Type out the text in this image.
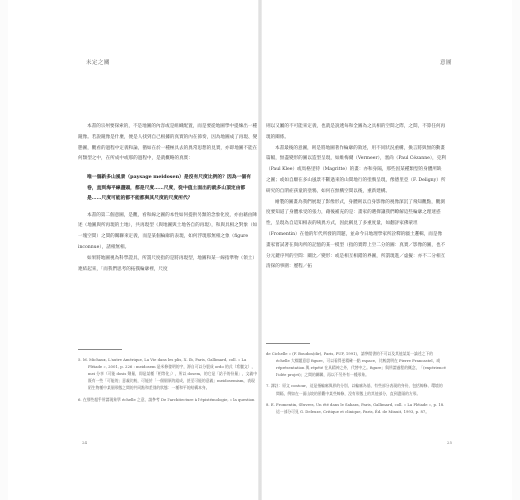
未定之關

本書的宗州要探索的，不是地圖的內容或是組織配置，而是要從地圖學中提煉出一種鏡像。若說鏡像是什麼，便是人找到自己根據的真實的內在節奏，因為地圖成了再現、變態圖，觀看的過程中定義和論，猶如在於一種極具去的異常思想的見實，亦即地圖不能在何類型之中，在所成中或那的過程中，是就概略的真實：

唯一個新多山風景（paysage meidosen）是沒有尺度比例的？因為一個有卷，直到海平線盡頭，都是尺度……尺度，從中值土面出的就多山頂定由都是……尺度可能的都不能都與其尺度的尺度所代？

本書的第二個意圖，是觀，看和線之圖的本性如何提供另類的念象化度，亦由藉由陳述（地圖與所再現的土地），共再現型（與地圖與土地各自的再現），和與具相之對象（如一塊空間）之間的關聯來定義，而是某個輪廓的表現，如何浮現那無相之象（figure inconnue），諸相無相。

如果將地圖視為科學證具，所謂尺度指的是將再現型，地圖和某一線指準物（領土）連結起來，「而我們思考的拓撲輪廓裡，尺度

5. M. Michaux, L'autre Amérique, La Vie dans les plis, X. Ib, Paris, Gallimard, coll. « La Pléiade », 2001, p. 226 : meidosem 是米修發明的字，源自可以分裂成 ordo 的式（希臘文），mei 分享（可能 dosis 劑量，即是某種「相等化」），所以 dosem，的它是「給予的份量」，文義中既有一些「可能的」意義比較，可能於「一個個原的組成，甚至可能的意義」meidosemism，表現陌生物種中某個形態之間的共同點和差別的狀態：一種和平的結構本身。

6. 在那些超乎所謂現象學 échelle 之意，請參考 De l'architecture à l'épistémologie, « la question

24
意圖

則以又屬的不可能來定義，也就是說透每和全圖為之具相的空間之際，之間，不算任何再現的關係。

本書最後的意圖，則是將地圖著作輪廓的敘述，用不同狀況重構，換言將與無的動畫篇幅，無盡變形的圖以造型呈現，如維梅爾（Vermeer），塞尚（Paul Cézanne），克利（Paul Klee）或馬格里特（Magritte）的畫：亦和身隔，那些因某種類型的身體所缺之圖；或如自願在多山風景不斷過來的山間地行的塗鴉呈現，像德里亞（F. Deligny）所研究的自閉症孩童的塗鴉，如何在無構空間以後，重新建構。

繪製的圖畫為我們展現了影像形式，身體則以自身影像的視像深沉了飛知觀點，觀測度要知道了身體承受的張力，藉後補充的是：畫家的選擇讓我們瞭解這些輪廓之理迷惑性，呈現為自這知相表的咦異方式，因此稱見了多重度量，如翻評家佛蒙坦（Fromentin）在他的年代所發的問題，並命今日地理學家所詮釋的疆土邏輯，而是像畫家嘗試著在與肉所的記憶的某一模型（指的實際上空二分的圖：真實／影像的圖，也不分元鍵序列的空間：關比／變形：或是相互相錯的界圖，所謂現進／虛擬：亦不二分相互清探的事圍：歷程／拓

de Cichelle » (F. Boudon(dir), Paris, PUF, 1991)，請參閱書的不可以及其他某某一論述之下的 échelle 大標題意思 figure，可以看得更精確一點 espace，比較說明在 Pierre Francastel，或 réprésentation 與 répété 在具精神之外，代替中之。figure」與所謂過程的概念，「(expériencé l'idée projet)」之間的關聯，再以不另外有一種形象。

7. 譯註：原文 contour，這是指輪廓與界的分別，以輪廓為基，有些部分表現的身份，包括線條、環境的間隔，例如在一面山坡的景觀中某些線條，沒有形態上的其他部分，直到盡頭的方形。

8. E. Fromentin, Œuvres, Un été dans le Sahara, Paris, Gallimard, coll. « La Pléiade », p. 18. 這一部分可見 G. Deleuze, Critique et clinique, Paris, Éd. de Minuit, 1993, p. 87。

25
